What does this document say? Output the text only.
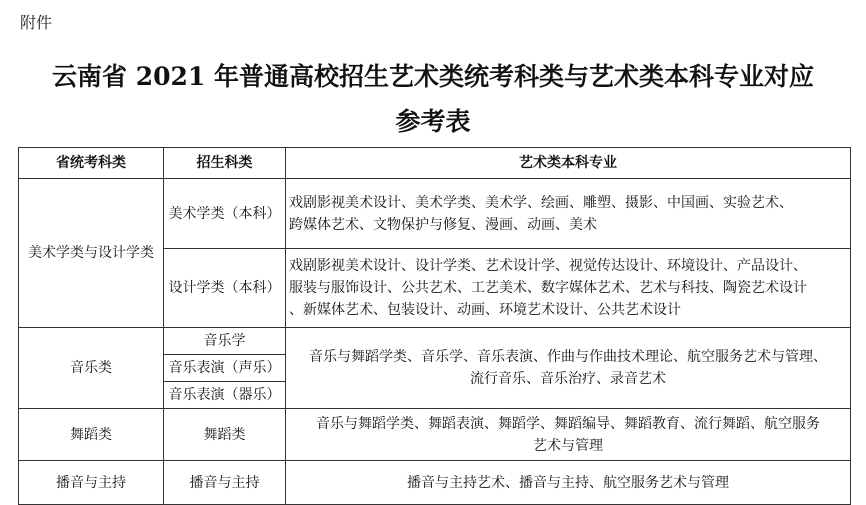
附件
云南省 2021 年普通高校招生艺术类统考科类与艺术类本科专业对应
参考表
省统考科类	招生科类	艺术类本科专业
美术学类与设计学类	美术学类（本科）	戏剧影视美术设计、美术学类、美术学、绘画、雕塑、摄影、中国画、实验艺术、
跨媒体艺术、文物保护与修复、漫画、动画、美术

	设计学类（本科）	戏剧影视美术设计、设计学类、艺术设计学、视觉传达设计、环境设计、产品设计、
服装与服饰设计、公共艺术、工艺美术、数字媒体艺术、艺术与科技、陶瓷艺术设计
、新媒体艺术、包装设计、动画、环境艺术设计、公共艺术设计

音乐类	音乐学	音乐与舞蹈学类、音乐学、音乐表演、作曲与作曲技术理论、航空服务艺术与管理、
流行音乐、音乐治疗、录音艺术

	音乐表演（声乐）	
	音乐表演（器乐）	
舞蹈类	舞蹈类	音乐与舞蹈学类、舞蹈表演、舞蹈学、舞蹈编导、舞蹈教育、流行舞蹈、航空服务
艺术与管理

播音与主持	播音与主持	播音与主持艺术、播音与主持、航空服务艺术与管理
